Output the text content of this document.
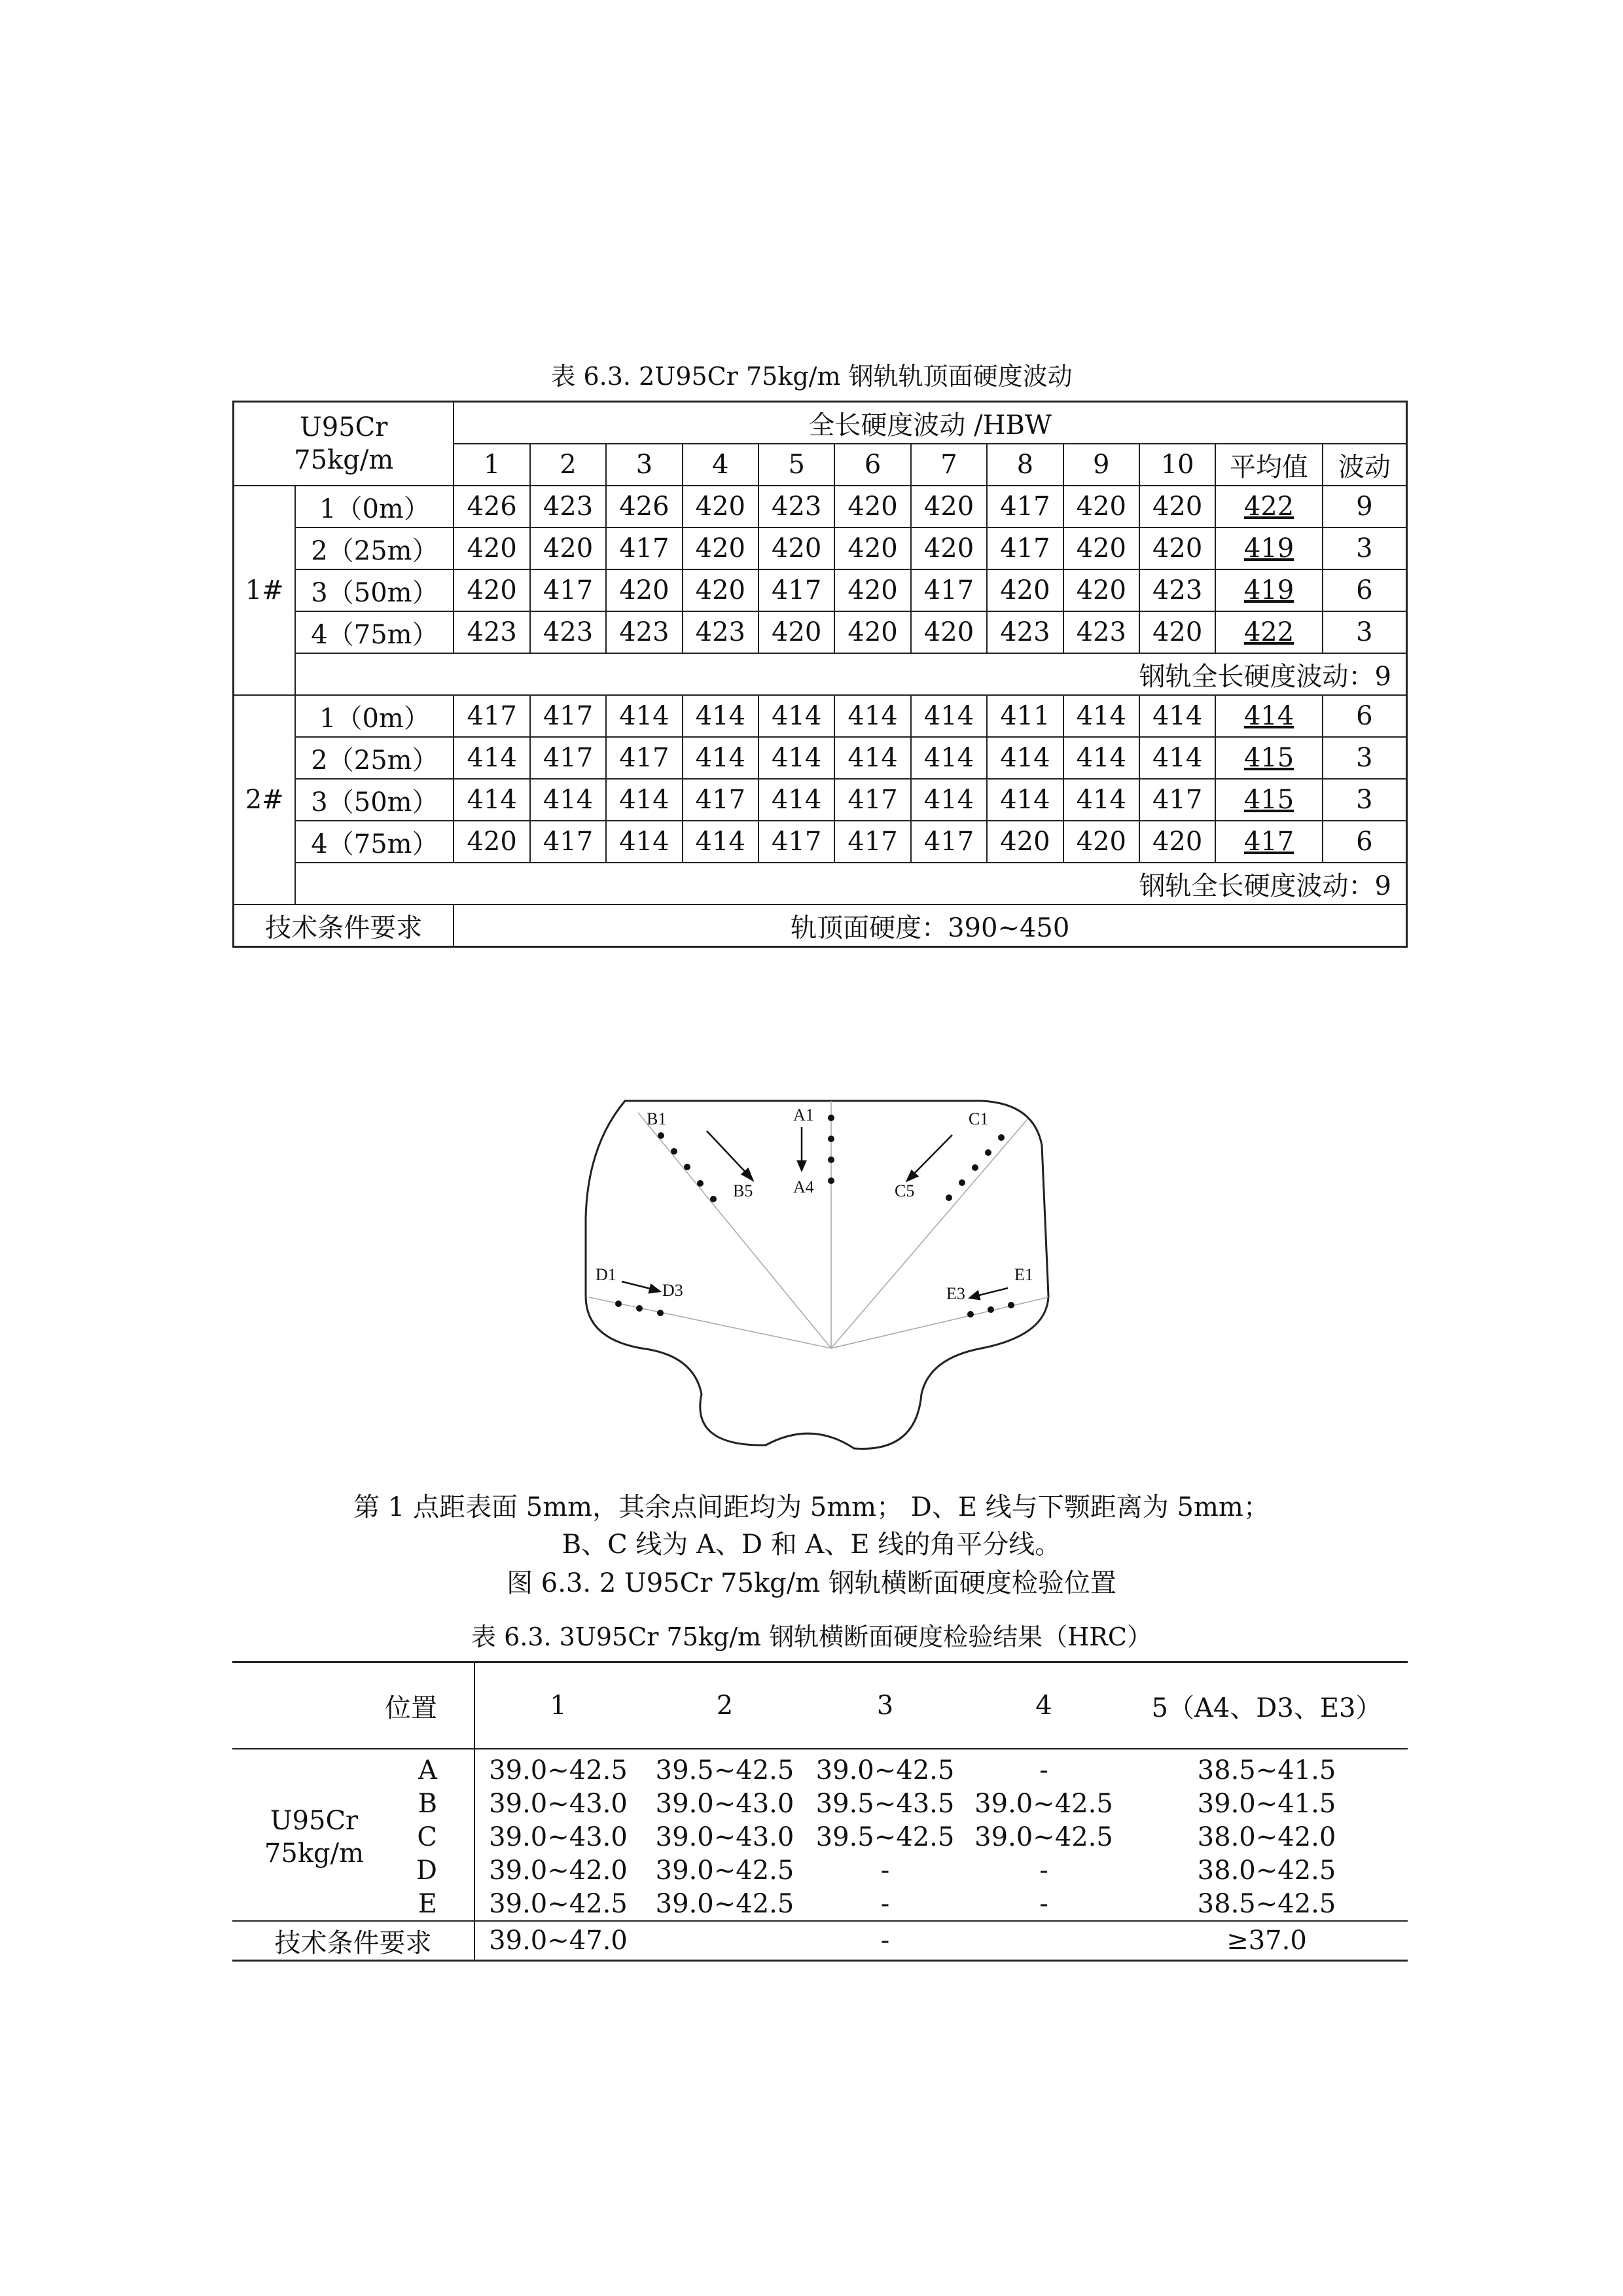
表 6.3. 2U95Cr 75kg/m 钢轨轨顶面硬度波动
U95Cr
75kg/m		全长硬度波动 /HBW											
		1	2	3	4	5	6	7	8	9	10	平均值	波动
1#	1（0m）	426	423	426	420	423	420	420	417	420	420	422	9
	2（25m）	420	420	417	420	420	420	420	417	420	420	419	3
	3（50m）	420	417	420	420	417	420	417	420	420	423	419	6
	4（75m）	423	423	423	423	420	420	420	423	423	420	422	3
	钢轨全长硬度波动：9												
2#	1（0m）	417	417	414	414	414	414	414	411	414	414	414	6
	2（25m）	414	417	417	414	414	414	414	414	414	414	415	3
	3（50m）	414	414	414	417	414	417	414	414	414	417	415	3
	4（75m）	420	417	414	414	417	417	417	420	420	420	417	6
	钢轨全长硬度波动：9												
技术条件要求		轨顶面硬度：390~450											
B1
B5
A1
A4
C1
C5
D1
D3
E1
E3
第 1 点距表面 5mm，其余点间距均为 5mm； D、E 线与下颚距离为 5mm；
B、C 线为 A、D 和 A、E 线的角平分线。
图 6.3. 2 U95Cr 75kg/m 钢轨横断面硬度检验位置
表 6.3. 3U95Cr 75kg/m 钢轨横断面硬度检验结果（HRC）
位置		1	2	3	4	5（A4、D3、E3）
U95Cr
75kg/m	A	39.0~42.5	39.5~42.5	39.0~42.5	-	38.5~41.5
	B	39.0~43.0	39.0~43.0	39.5~43.5	39.0~42.5	39.0~41.5
	C	39.0~43.0	39.0~43.0	39.5~42.5	39.0~42.5	38.0~42.0
	D	39.0~42.0	39.0~42.5	-	-	38.0~42.5
	E	39.0~42.5	39.0~42.5	-	-	38.5~42.5
技术条件要求		39.0~47.0		-		≥37.0
